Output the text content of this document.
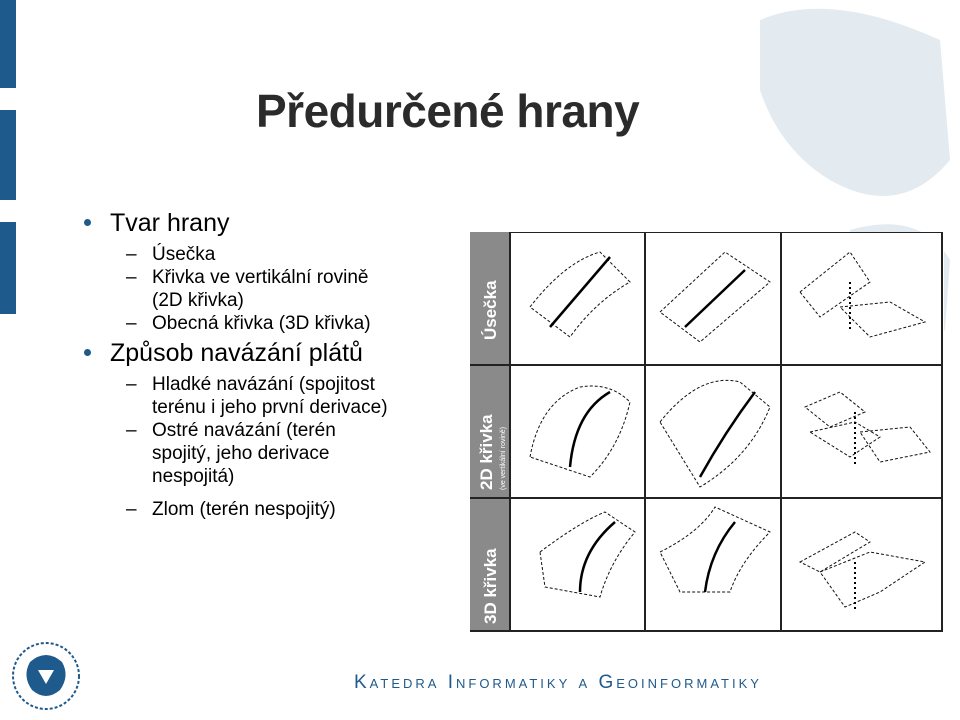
Předurčené hrany
Tvar hrany
– Úsečka
– Křivka ve vertikální rovině
(2D křivka)
– Obecná křivka (3D křivka)
Způsob navázání plátů
– Hladké navázání (spojitost
terénu i jeho první derivace)
– Ostré navázání (terén
spojitý, jeho derivace
nespojitá)
– Zlom (terén nespojitý)
Úsečka
2D křivka (ve vertikální rovině)
3D křivka
Katedra Informatiky a Geoinformatiky
